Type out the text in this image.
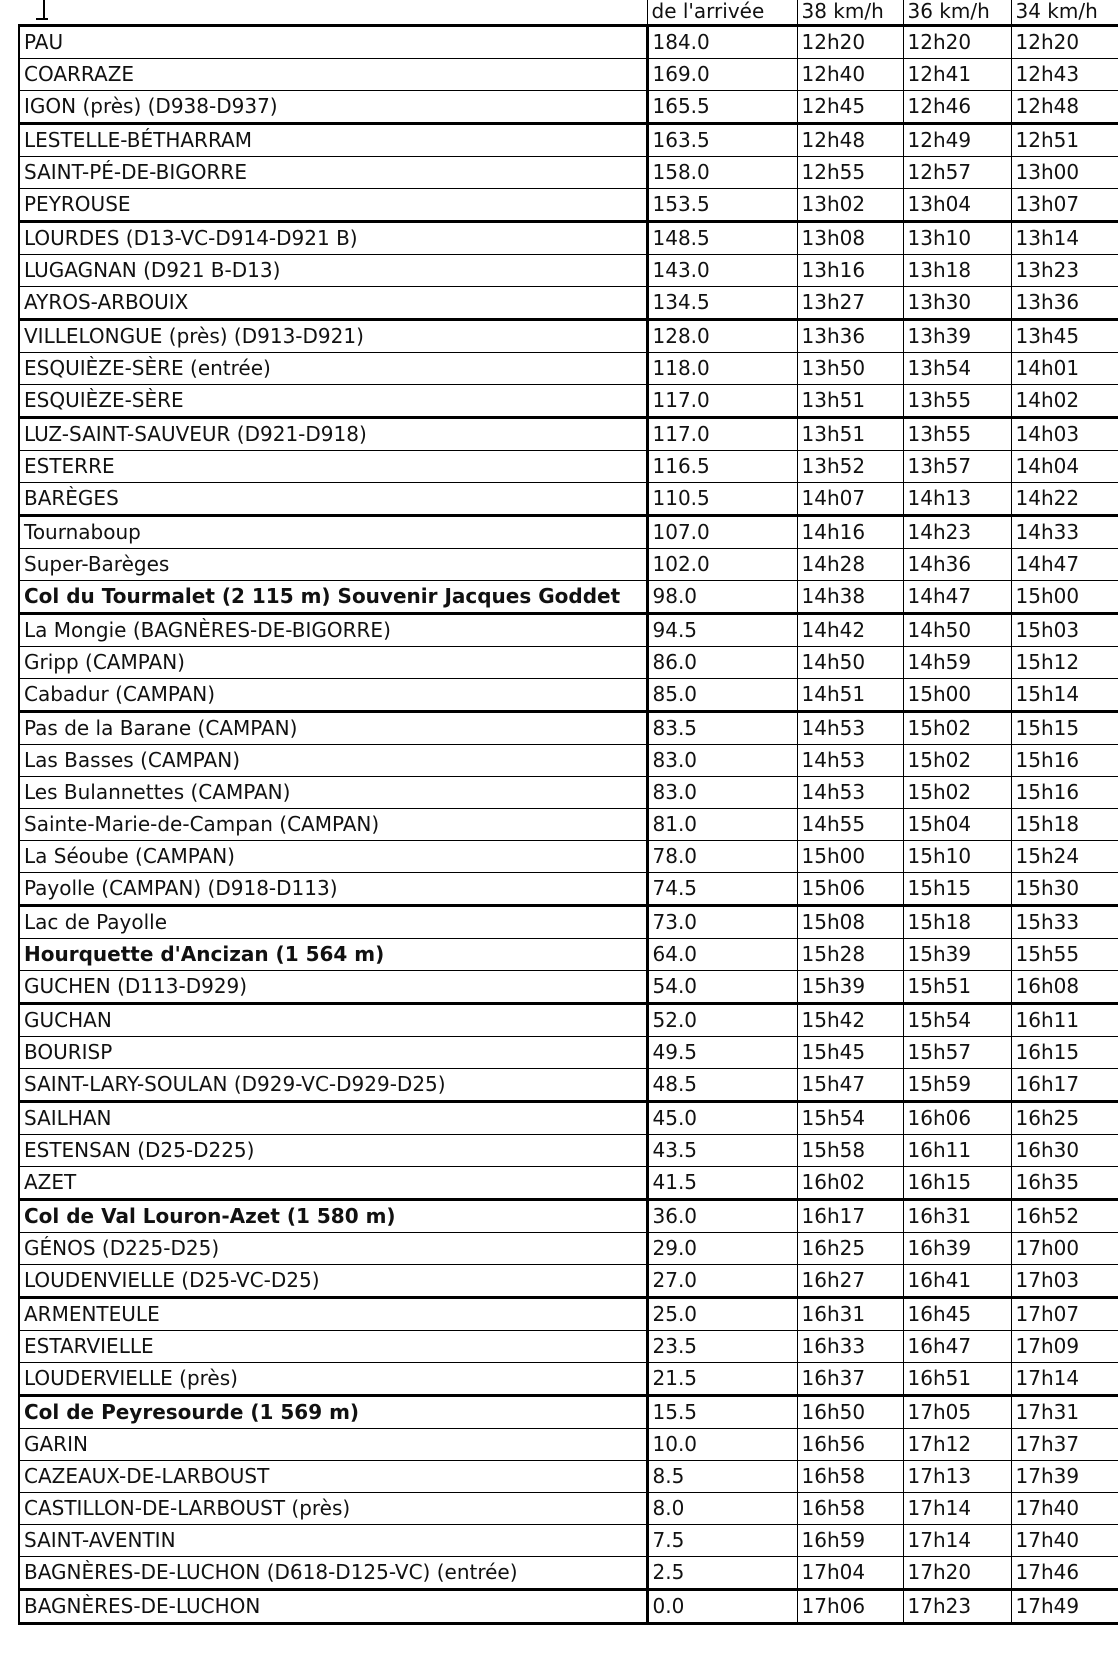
	de l'arrivée	38 km/h	36 km/h	34 km/h
PAU	184.0	12h20	12h20	12h20
COARRAZE	169.0	12h40	12h41	12h43
IGON (près) (D938-D937)	165.5	12h45	12h46	12h48
LESTELLE-BÉTHARRAM	163.5	12h48	12h49	12h51
SAINT-PÉ-DE-BIGORRE	158.0	12h55	12h57	13h00
PEYROUSE	153.5	13h02	13h04	13h07
LOURDES (D13-VC-D914-D921 B)	148.5	13h08	13h10	13h14
LUGAGNAN (D921 B-D13)	143.0	13h16	13h18	13h23
AYROS-ARBOUIX	134.5	13h27	13h30	13h36
VILLELONGUE (près) (D913-D921)	128.0	13h36	13h39	13h45
ESQUIÈZE-SÈRE (entrée)	118.0	13h50	13h54	14h01
ESQUIÈZE-SÈRE	117.0	13h51	13h55	14h02
LUZ-SAINT-SAUVEUR (D921-D918)	117.0	13h51	13h55	14h03
ESTERRE	116.5	13h52	13h57	14h04
BARÈGES	110.5	14h07	14h13	14h22
Tournaboup	107.0	14h16	14h23	14h33
Super-Barèges	102.0	14h28	14h36	14h47
Col du Tourmalet (2 115 m) Souvenir Jacques Goddet	98.0	14h38	14h47	15h00
La Mongie (BAGNÈRES-DE-BIGORRE)	94.5	14h42	14h50	15h03
Gripp (CAMPAN)	86.0	14h50	14h59	15h12
Cabadur (CAMPAN)	85.0	14h51	15h00	15h14
Pas de la Barane (CAMPAN)	83.5	14h53	15h02	15h15
Las Basses (CAMPAN)	83.0	14h53	15h02	15h16
Les Bulannettes (CAMPAN)	83.0	14h53	15h02	15h16
Sainte-Marie-de-Campan (CAMPAN)	81.0	14h55	15h04	15h18
La Séoube (CAMPAN)	78.0	15h00	15h10	15h24
Payolle (CAMPAN) (D918-D113)	74.5	15h06	15h15	15h30
Lac de Payolle	73.0	15h08	15h18	15h33
Hourquette d'Ancizan (1 564 m)	64.0	15h28	15h39	15h55
GUCHEN (D113-D929)	54.0	15h39	15h51	16h08
GUCHAN	52.0	15h42	15h54	16h11
BOURISP	49.5	15h45	15h57	16h15
SAINT-LARY-SOULAN (D929-VC-D929-D25)	48.5	15h47	15h59	16h17
SAILHAN	45.0	15h54	16h06	16h25
ESTENSAN (D25-D225)	43.5	15h58	16h11	16h30
AZET	41.5	16h02	16h15	16h35
Col de Val Louron-Azet (1 580 m)	36.0	16h17	16h31	16h52
GÉNOS (D225-D25)	29.0	16h25	16h39	17h00
LOUDENVIELLE (D25-VC-D25)	27.0	16h27	16h41	17h03
ARMENTEULE	25.0	16h31	16h45	17h07
ESTARVIELLE	23.5	16h33	16h47	17h09
LOUDERVIELLE (près)	21.5	16h37	16h51	17h14
Col de Peyresourde (1 569 m)	15.5	16h50	17h05	17h31
GARIN	10.0	16h56	17h12	17h37
CAZEAUX-DE-LARBOUST	8.5	16h58	17h13	17h39
CASTILLON-DE-LARBOUST (près)	8.0	16h58	17h14	17h40
SAINT-AVENTIN	7.5	16h59	17h14	17h40
BAGNÈRES-DE-LUCHON (D618-D125-VC) (entrée)	2.5	17h04	17h20	17h46
BAGNÈRES-DE-LUCHON	0.0	17h06	17h23	17h49
